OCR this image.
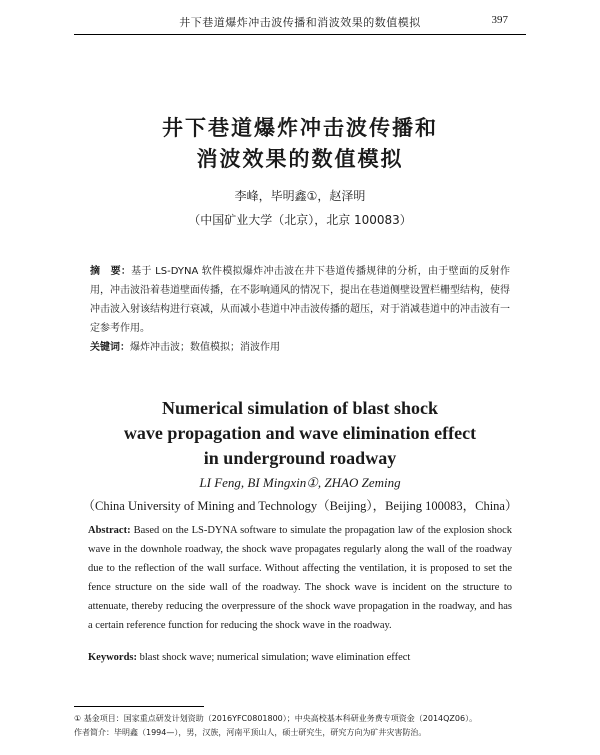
井下巷道爆炸冲击波传播和消波效果的数值模拟	397
井下巷道爆炸冲击波传播和
消波效果的数值模拟
李峰，毕明鑫①，赵泽明
（中国矿业大学（北京），北京 100083）
摘　要：基于 LS-DYNA 软件模拟爆炸冲击波在井下巷道传播规律的分析，由于壁面的反射作用，冲击波沿着巷道壁面传播，在不影响通风的情况下，提出在巷道侧壁设置栏栅型结构，使得冲击波入射该结构进行衰减，从而减小巷道中冲击波传播的超压，对于消减巷道中的冲击波有一定参考作用。
关键词：爆炸冲击波；数值模拟；消波作用
Numerical simulation of blast shock
wave propagation and wave elimination effect
in underground roadway
LI Feng, BI Mingxin①, ZHAO Zeming
（China University of Mining and Technology（Beijing），Beijing 100083，China）
Abstract: Based on the LS-DYNA software to simulate the propagation law of the explosion shock wave in the downhole roadway, the shock wave propagates regularly along the wall of the roadway due to the reflection of the wall surface. Without affecting the ventilation, it is proposed to set the fence structure on the side wall of the roadway. The shock wave is incident on the structure to attenuate, thereby reducing the overpressure of the shock wave propagation in the roadway, and has a certain reference function for reducing the shock wave in the roadway.
Keywords: blast shock wave; numerical simulation; wave elimination effect
① 基金项目：国家重点研发计划资助（2016YFC0801800）；中央高校基本科研业务费专项资金（2014QZ06）。
作者简介：毕明鑫（1994—），男，汉族，河南平顶山人，硕士研究生，研究方向为矿井灾害防治。
